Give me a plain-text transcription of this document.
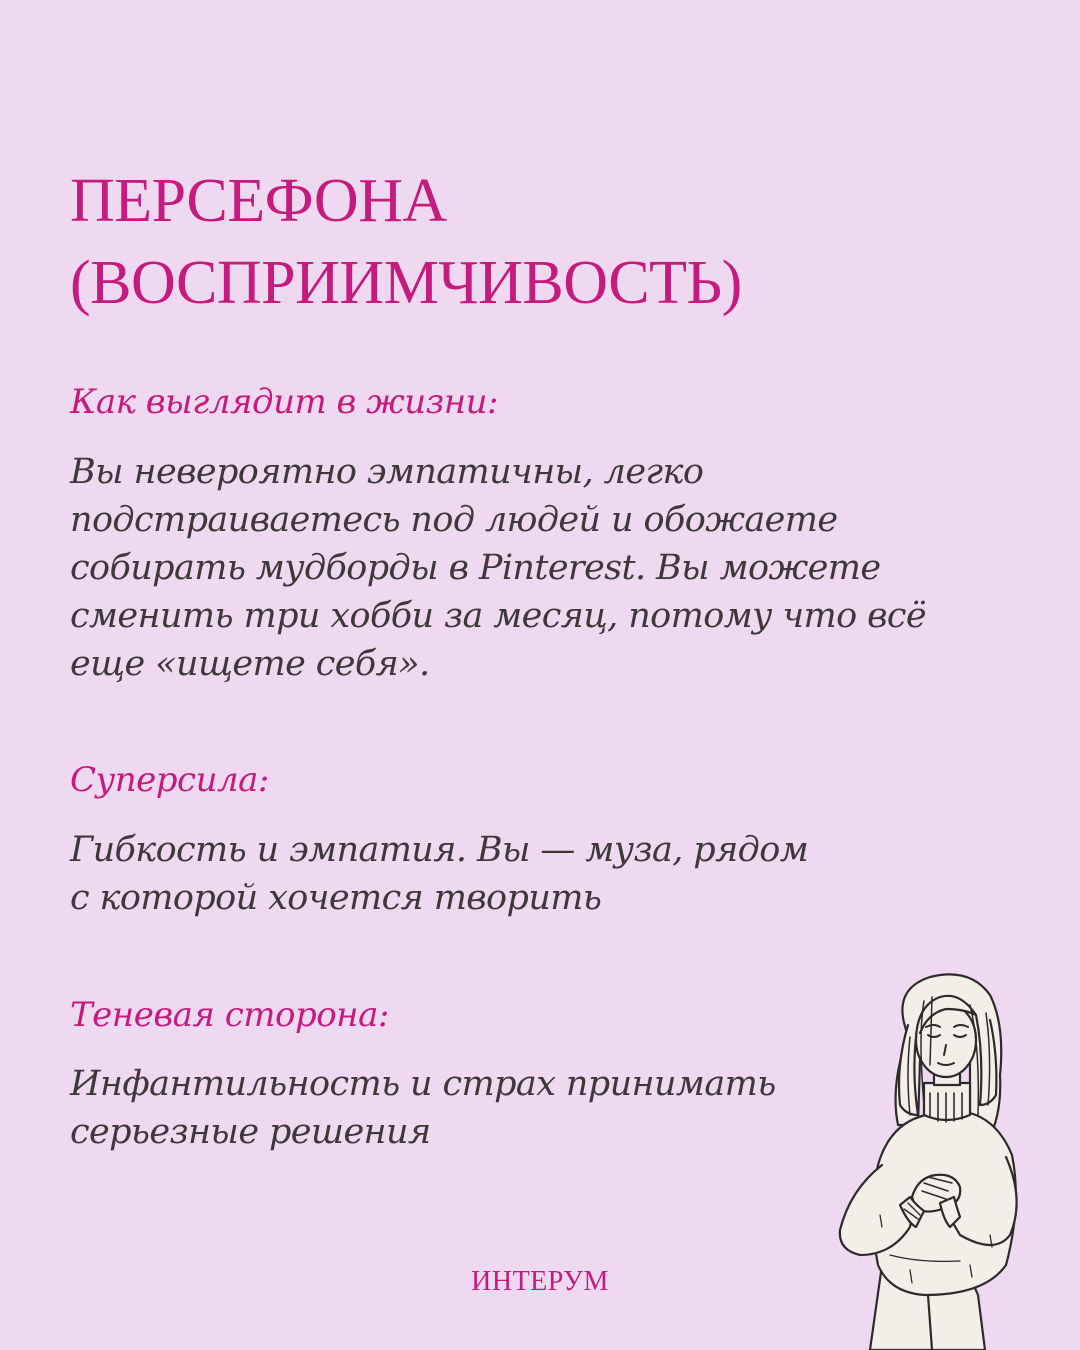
ПЕРСЕФОНА
(ВОСПРИИМЧИВОСТЬ)
Как выглядит в жизни:

Вы невероятно эмпатичны, легко
подстраиваетесь под людей и обожаете
собирать мудборды в Pinterest. Вы можете
сменить три хобби за месяц, потому что всё
еще «ищете себя».

Суперсила:

Гибкость и эмпатия. Вы — муза, рядом
с которой хочется творить

Теневая сторона:

Инфантильность и страх принимать
серьезные решения

ИНТЕРУМ
